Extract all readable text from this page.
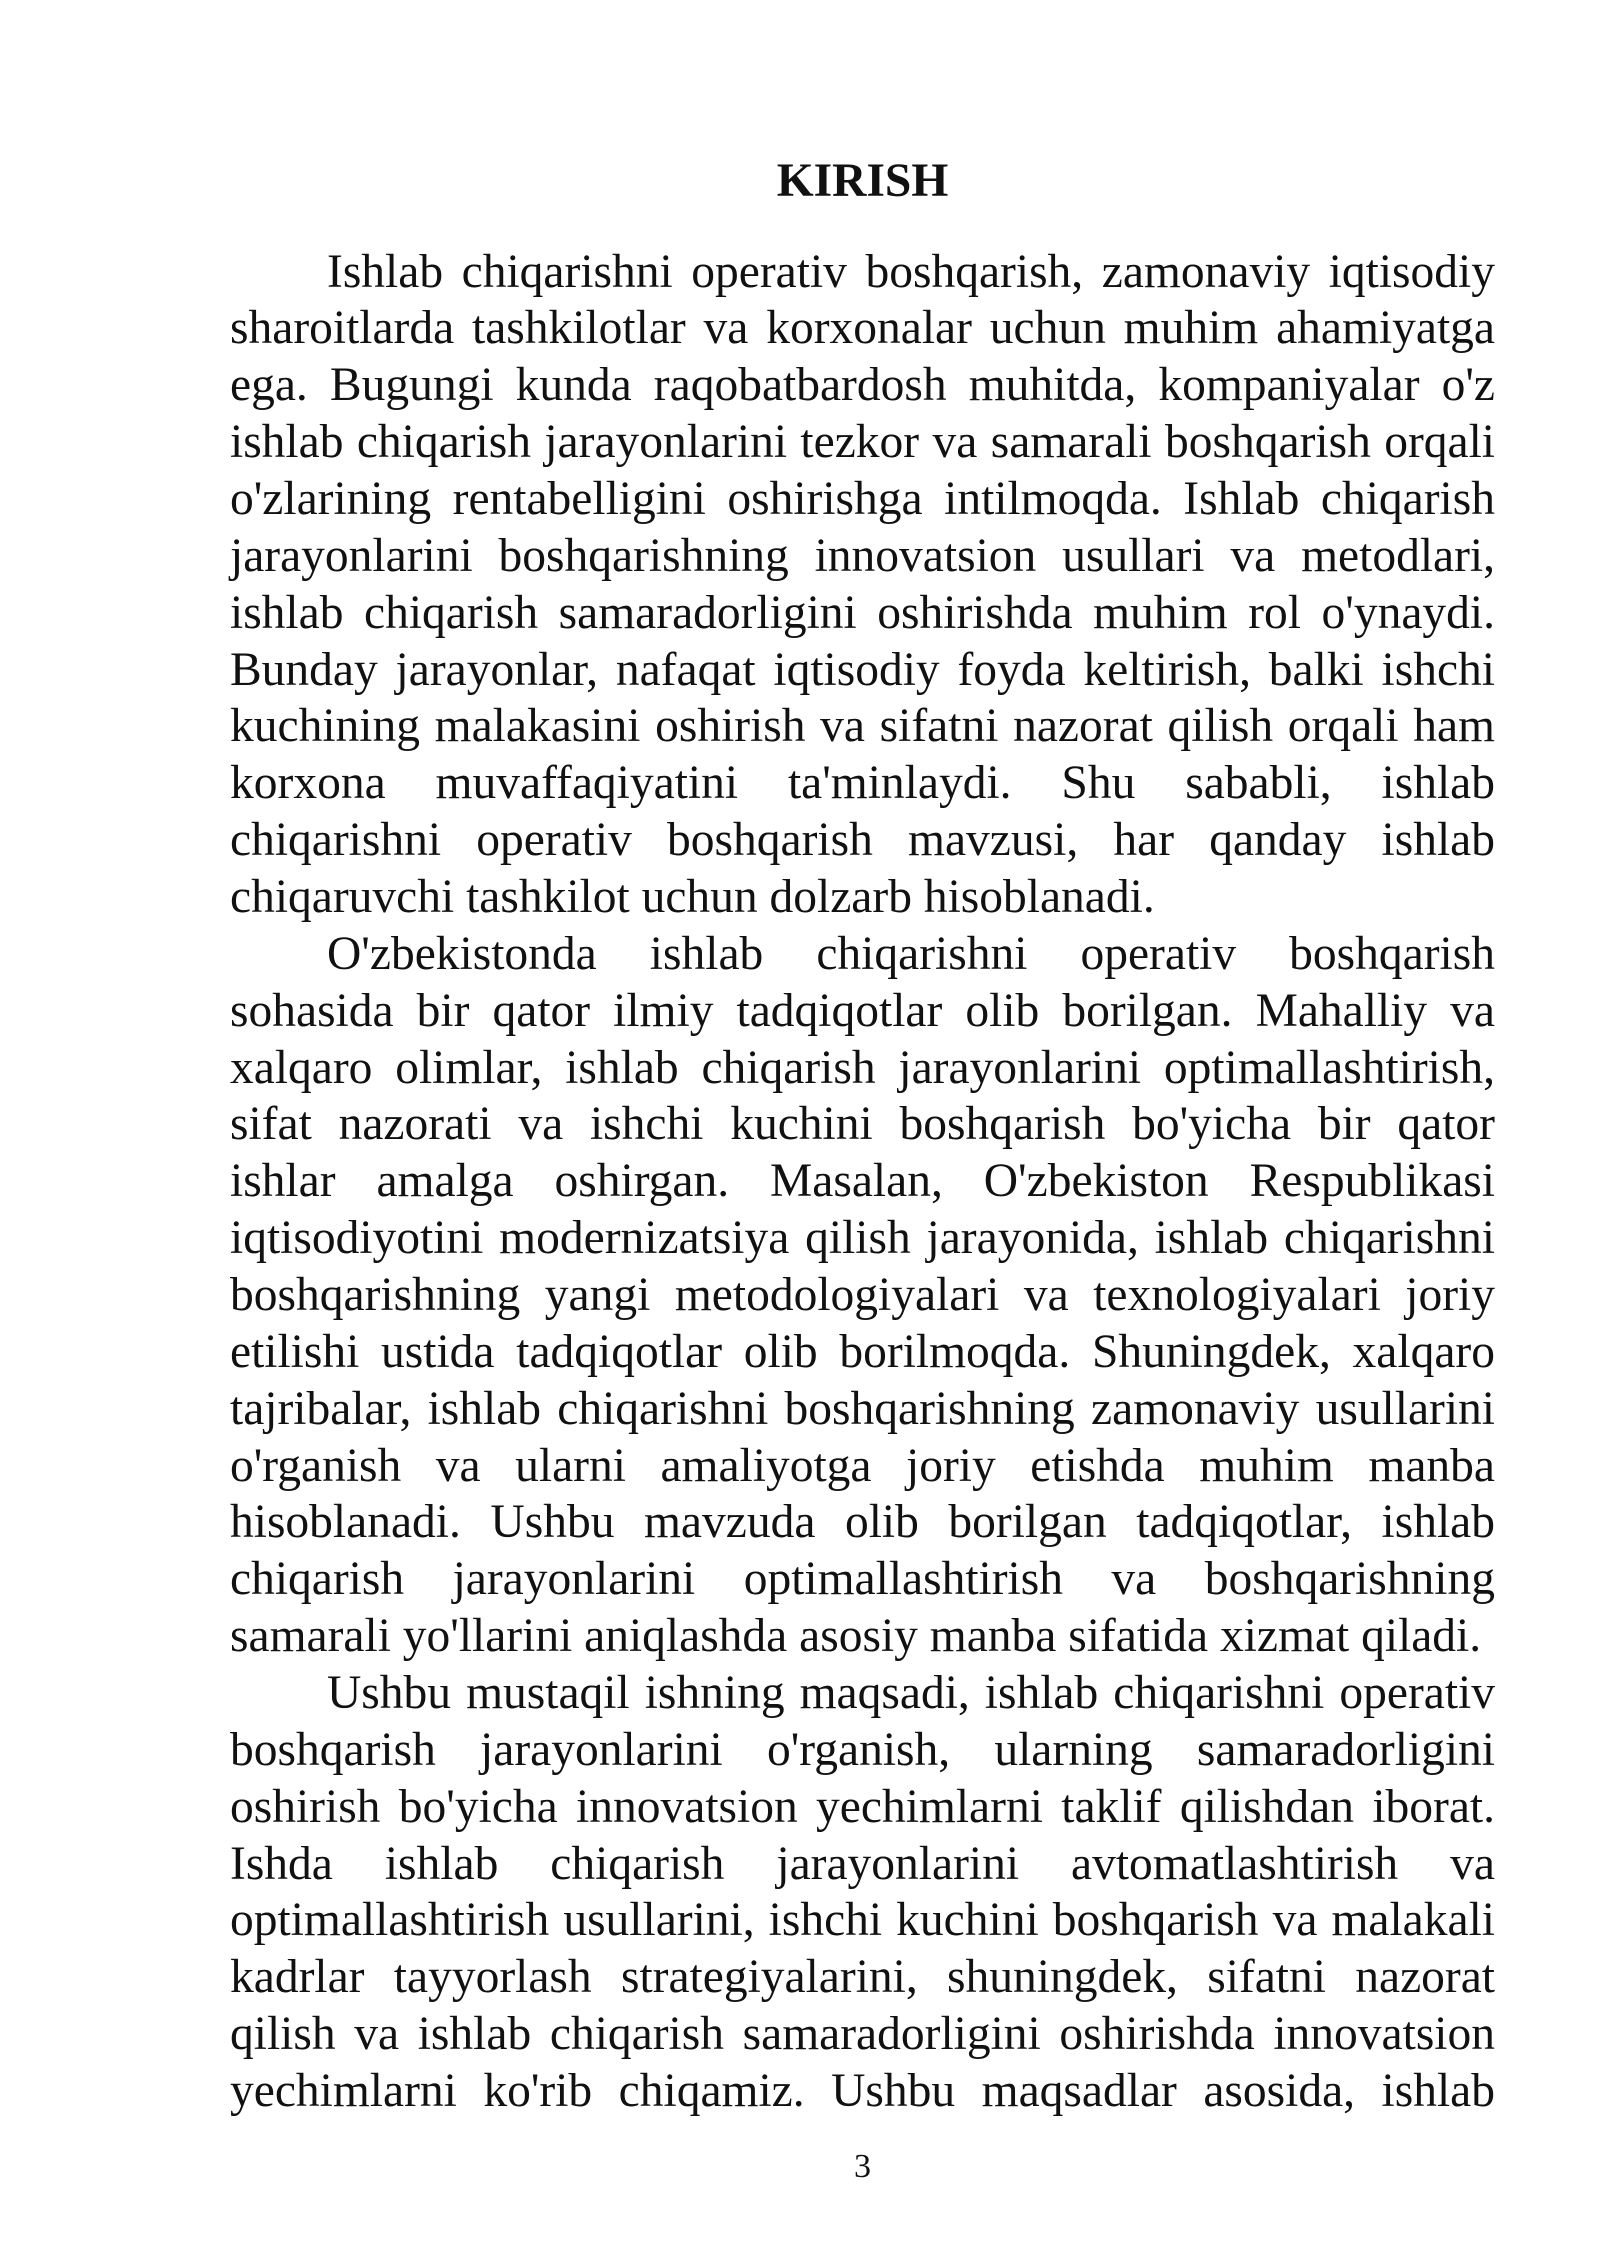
KIRISH
Ishlab chiqarishni operativ boshqarish, zamonaviy iqtisodiy
sharoitlarda tashkilotlar va korxonalar uchun muhim ahamiyatga
ega. Bugungi kunda raqobatbardosh muhitda, kompaniyalar o'z
ishlab chiqarish jarayonlarini tezkor va samarali boshqarish orqali
o'zlarining rentabelligini oshirishga intilmoqda. Ishlab chiqarish
jarayonlarini boshqarishning innovatsion usullari va metodlari,
ishlab chiqarish samaradorligini oshirishda muhim rol o'ynaydi.
Bunday jarayonlar, nafaqat iqtisodiy foyda keltirish, balki ishchi
kuchining malakasini oshirish va sifatni nazorat qilish orqali ham
korxona muvaffaqiyatini ta'minlaydi. Shu sababli, ishlab
chiqarishni operativ boshqarish mavzusi, har qanday ishlab
chiqaruvchi tashkilot uchun dolzarb hisoblanadi.
O'zbekistonda ishlab chiqarishni operativ boshqarish
sohasida bir qator ilmiy tadqiqotlar olib borilgan. Mahalliy va
xalqaro olimlar, ishlab chiqarish jarayonlarini optimallashtirish,
sifat nazorati va ishchi kuchini boshqarish bo'yicha bir qator
ishlar amalga oshirgan. Masalan, O'zbekiston Respublikasi
iqtisodiyotini modernizatsiya qilish jarayonida, ishlab chiqarishni
boshqarishning yangi metodologiyalari va texnologiyalari joriy
etilishi ustida tadqiqotlar olib borilmoqda. Shuningdek, xalqaro
tajribalar, ishlab chiqarishni boshqarishning zamonaviy usullarini
o'rganish va ularni amaliyotga joriy etishda muhim manba
hisoblanadi. Ushbu mavzuda olib borilgan tadqiqotlar, ishlab
chiqarish jarayonlarini optimallashtirish va boshqarishning
samarali yo'llarini aniqlashda asosiy manba sifatida xizmat qiladi.
Ushbu mustaqil ishning maqsadi, ishlab chiqarishni operativ
boshqarish jarayonlarini o'rganish, ularning samaradorligini
oshirish bo'yicha innovatsion yechimlarni taklif qilishdan iborat.
Ishda ishlab chiqarish jarayonlarini avtomatlashtirish va
optimallashtirish usullarini, ishchi kuchini boshqarish va malakali
kadrlar tayyorlash strategiyalarini, shuningdek, sifatni nazorat
qilish va ishlab chiqarish samaradorligini oshirishda innovatsion
yechimlarni ko'rib chiqamiz. Ushbu maqsadlar asosida, ishlab
3
